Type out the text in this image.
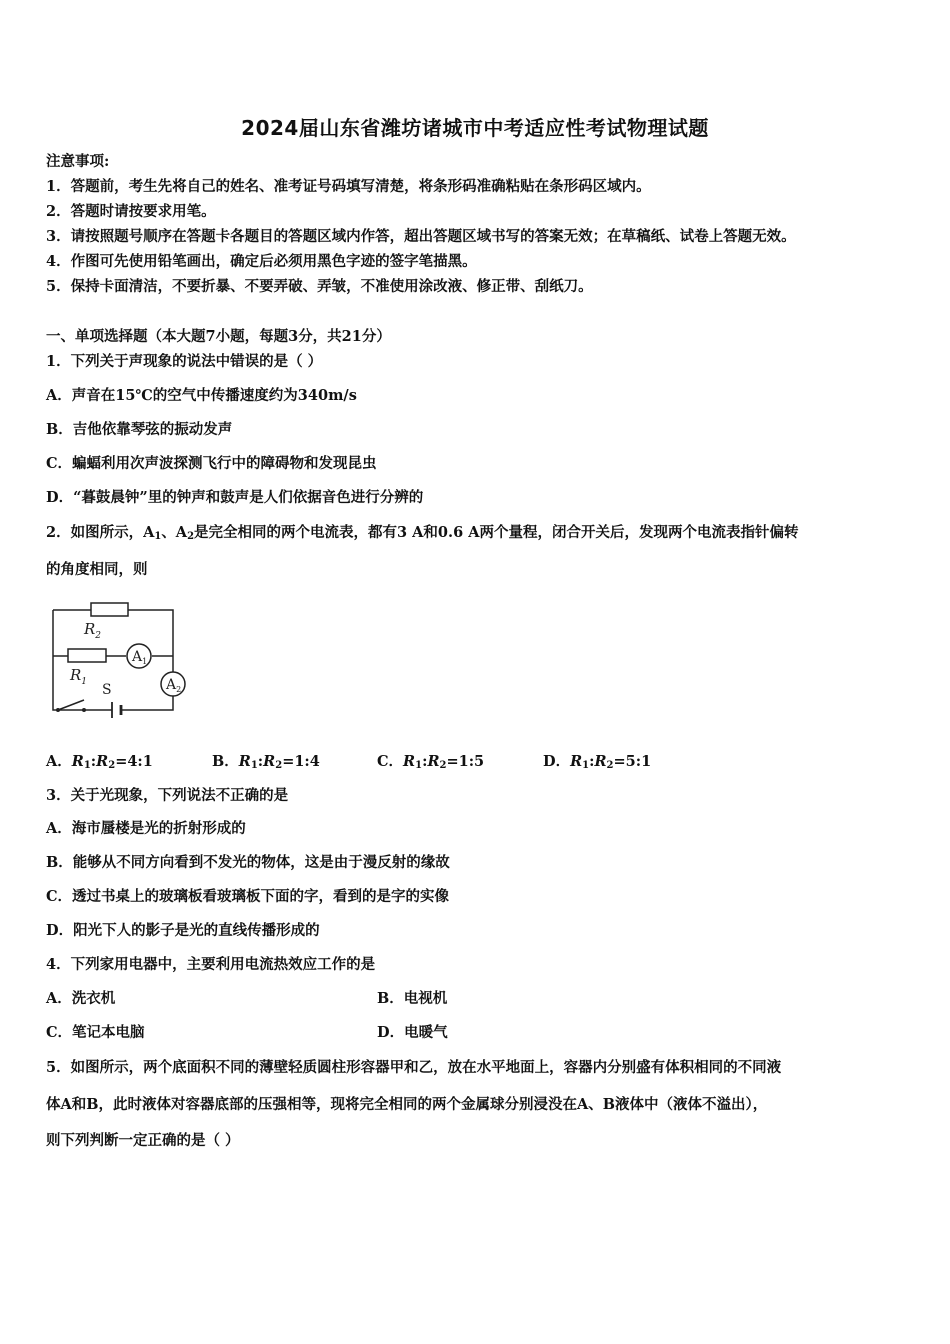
2024届山东省潍坊诸城市中考适应性考试物理试题
注意事项:
1．答题前，考生先将自己的姓名、准考证号码填写清楚，将条形码准确粘贴在条形码区域内。
2．答题时请按要求用笔。
3．请按照题号顺序在答题卡各题目的答题区域内作答，超出答题区域书写的答案无效；在草稿纸、试卷上答题无效。
4．作图可先使用铅笔画出，确定后必须用黑色字迹的签字笔描黑。
5．保持卡面清洁，不要折暴、不要弄破、弄皱，不准使用涂改液、修正带、刮纸刀。
一、单项选择题（本大题7小题，每题3分，共21分）
1．下列关于声现象的说法中错误的是（ ）
A．声音在15℃的空气中传播速度约为340m/s
B．吉他依靠琴弦的振动发声
C．蝙蝠利用次声波探测飞行中的障碍物和发现昆虫
D．“暮鼓晨钟”里的钟声和鼓声是人们依据音色进行分辨的
2．如图所示，$A_1$、$A_2$是完全相同的两个电流表，都有3 A和0.6 A两个量程，闭合开关后，发现两个电流表指针偏转
的角度相同，则
$R_2$
$R_1$
$A_1$
$A_2$
S
A．$R_1:R_2=4:1$	B．$R_1:R_2=1:4$	C．$R_1:R_2=1:5$	D．$R_1:R_2=5:1$
3．关于光现象，下列说法不正确的是
A．海市蜃楼是光的折射形成的
B．能够从不同方向看到不发光的物体，这是由于漫反射的缘故
C．透过书桌上的玻璃板看玻璃板下面的字，看到的是字的实像
D．阳光下人的影子是光的直线传播形成的
4．下列家用电器中，主要利用电流热效应工作的是
A．洗衣机	B．电视机
C．笔记本电脑	D．电暖气
5．如图所示，两个底面积不同的薄壁轻质圆柱形容器甲和乙，放在水平地面上，容器内分别盛有体积相同的不同液
体A和B，此时液体对容器底部的压强相等，现将完全相同的两个金属球分别浸没在A、B液体中（液体不溢出），
则下列判断一定正确的是（ ）
